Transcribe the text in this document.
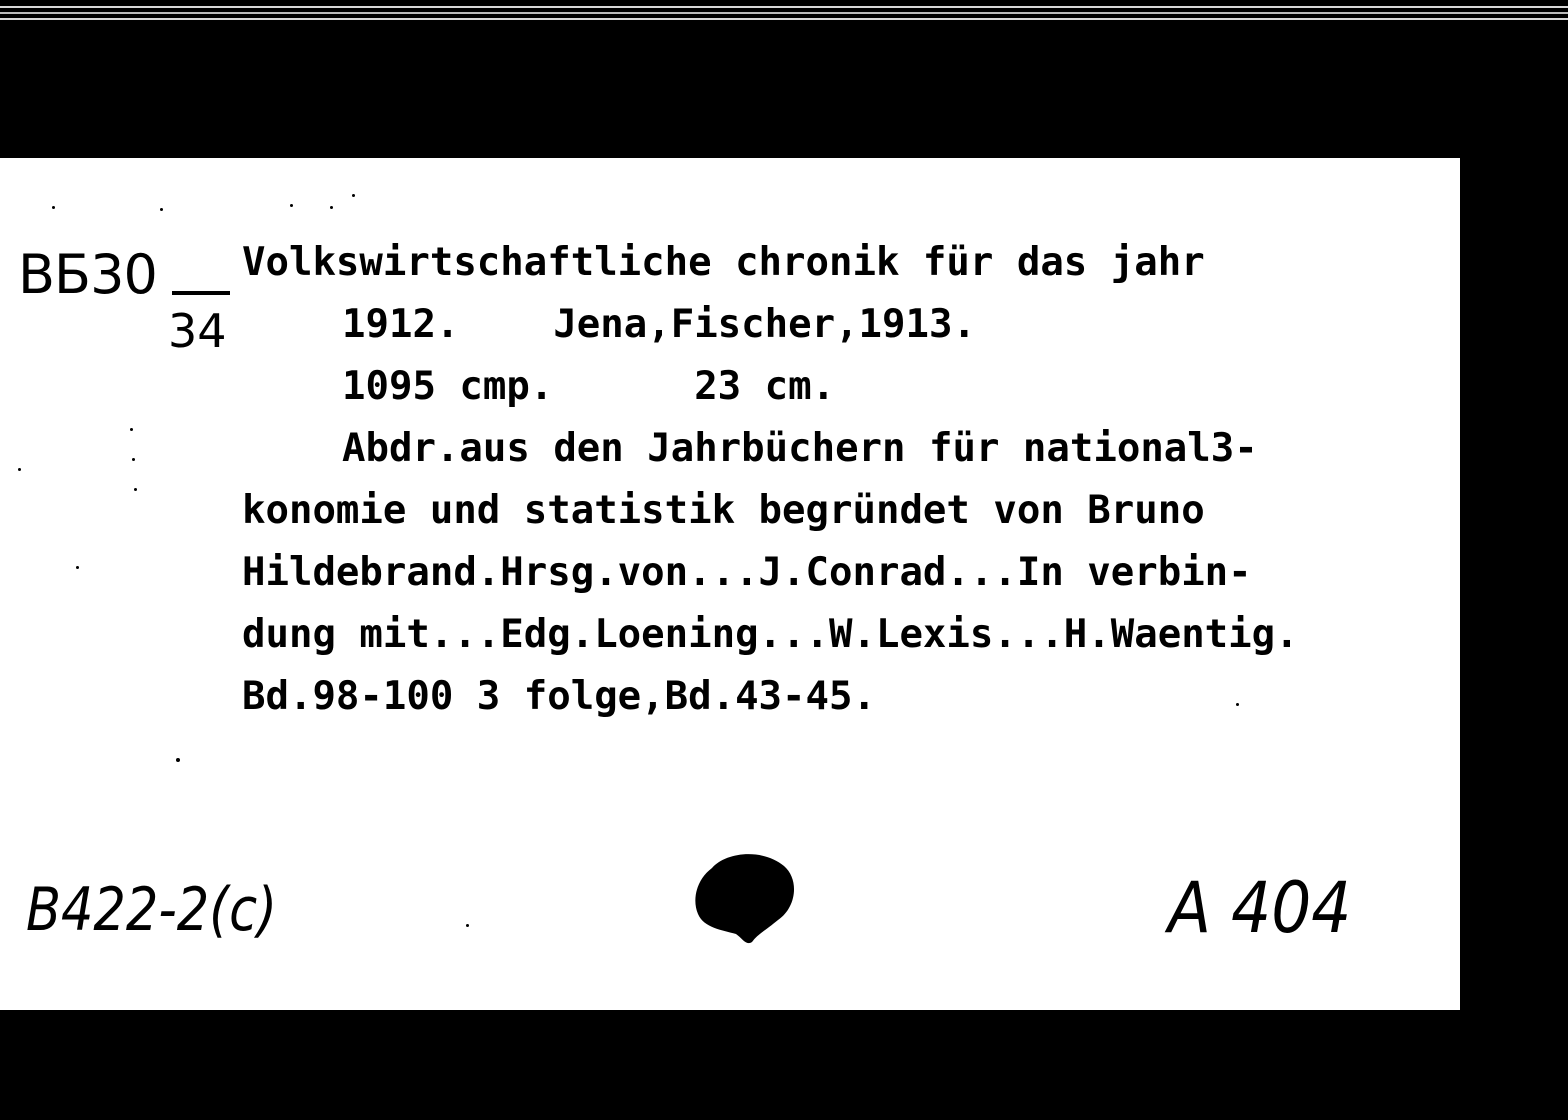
ВБ30
34
Volkswirtschaftliche chronik für das jahr
1912.    Jena,Fischer,1913.
1095 cmp.      23 cm.
Abdr.aus den Jahrbüchern für national3-
konomie und statistik begründet von Bruno
Hildebrand.Hrsg.von...J.Conrad...In verbin-
dung mit...Edg.Loening...W.Lexis...H.Waentig.
Bd.98-100 3 folge,Bd.43-45.
B422-2(c)	A 404
